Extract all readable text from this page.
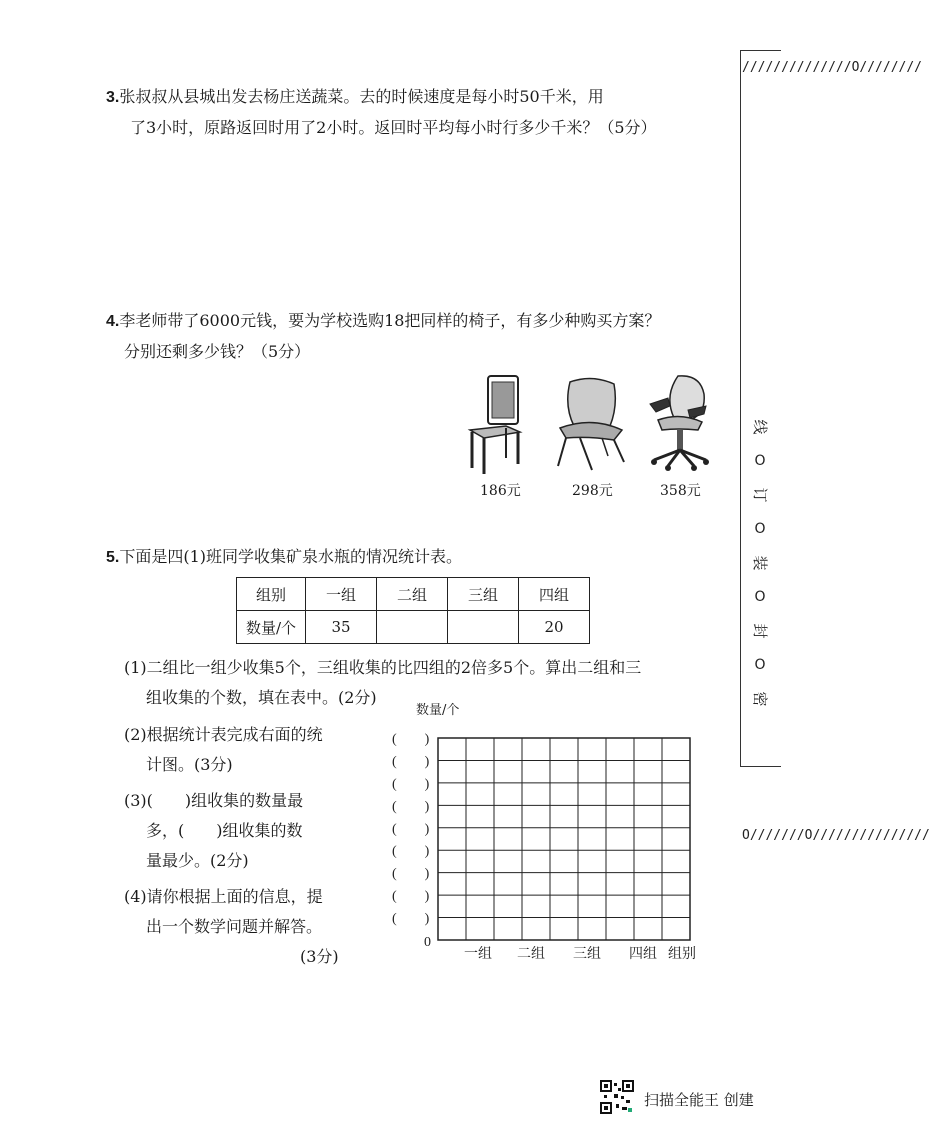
3.张叔叔从县城出发去杨庄送蔬菜。去的时候速度是每小时50千米，用
了3小时，原路返回时用了2小时。返回时平均每小时行多少千米？（5分）
4.李老师带了6000元钱，要为学校选购18把同样的椅子，有多少种购买方案？
分别还剩多少钱？（5分）
186元	298元	358元
5.下面是四(1)班同学收集矿泉水瓶的情况统计表。
组别	一组	二组	三组	四组
数量/个	35			20
(1)二组比一组少收集5个，三组收集的比四组的2倍多5个。算出二组和三
组收集的个数，填在表中。(2分)
(2)根据统计表完成右面的统
计图。(3分)
(3)(　　)组收集的数量最
多，(　　)组收集的数
量最少。(2分)
(4)请你根据上面的信息，提
出一个数学问题并解答。
(3分)
数量/个
(　　)
(　　)
(　　)
(　　)
(　　)
(　　)
(　　)
(　　)
(　　)
0
一组 二组 三组 四组 组别
//////////////O////////
线
O
订
O
装
O
封
O
密
O///////O///////////////
扫描全能王 创建
